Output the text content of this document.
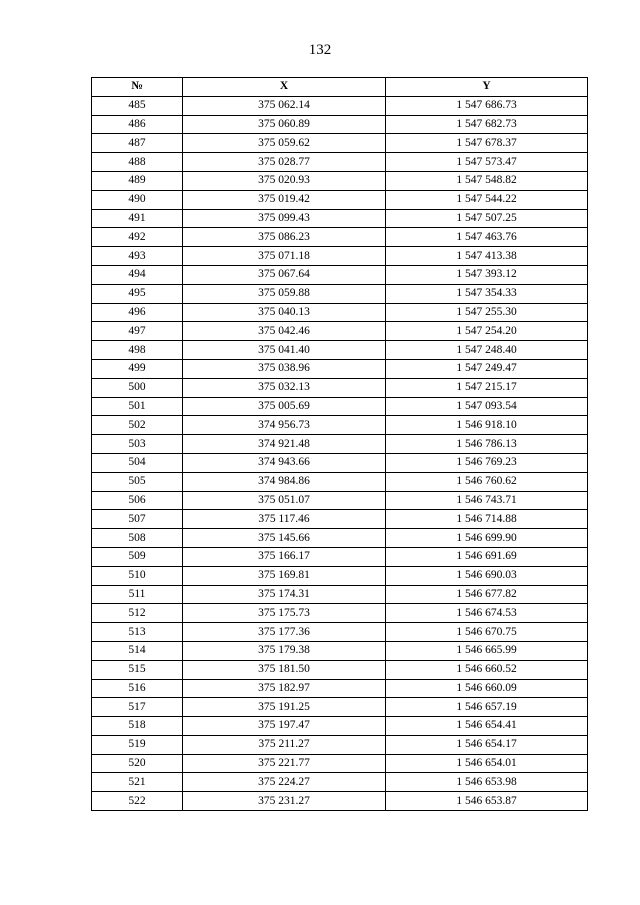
132
№	X	Y
485	375 062.14	1 547 686.73
486	375 060.89	1 547 682.73
487	375 059.62	1 547 678.37
488	375 028.77	1 547 573.47
489	375 020.93	1 547 548.82
490	375 019.42	1 547 544.22
491	375 099.43	1 547 507.25
492	375 086.23	1 547 463.76
493	375 071.18	1 547 413.38
494	375 067.64	1 547 393.12
495	375 059.88	1 547 354.33
496	375 040.13	1 547 255.30
497	375 042.46	1 547 254.20
498	375 041.40	1 547 248.40
499	375 038.96	1 547 249.47
500	375 032.13	1 547 215.17
501	375 005.69	1 547 093.54
502	374 956.73	1 546 918.10
503	374 921.48	1 546 786.13
504	374 943.66	1 546 769.23
505	374 984.86	1 546 760.62
506	375 051.07	1 546 743.71
507	375 117.46	1 546 714.88
508	375 145.66	1 546 699.90
509	375 166.17	1 546 691.69
510	375 169.81	1 546 690.03
511	375 174.31	1 546 677.82
512	375 175.73	1 546 674.53
513	375 177.36	1 546 670.75
514	375 179.38	1 546 665.99
515	375 181.50	1 546 660.52
516	375 182.97	1 546 660.09
517	375 191.25	1 546 657.19
518	375 197.47	1 546 654.41
519	375 211.27	1 546 654.17
520	375 221.77	1 546 654.01
521	375 224.27	1 546 653.98
522	375 231.27	1 546 653.87
